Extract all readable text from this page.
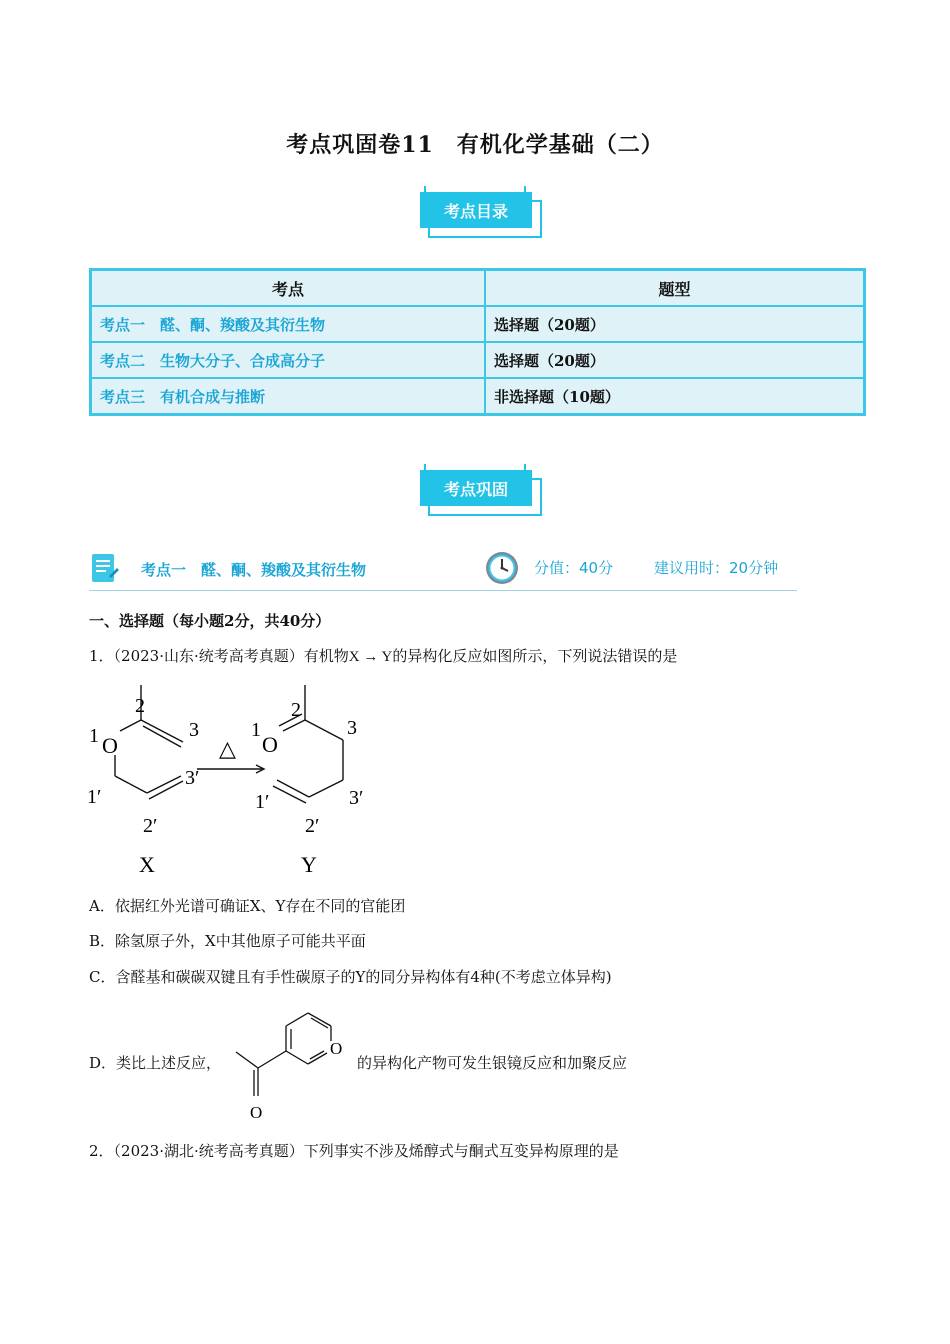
考点巩固卷11　有机化学基础（二）
考点目录
考点	题型
考点一　醛、酮、羧酸及其衍生物	选择题（20题）
考点二　生物大分子、合成高分子	选择题（20题）
考点三　有机合成与推断	非选择题（10题）
考点巩固
考点一　醛、酮、羧酸及其衍生物	分值：40分	建议用时：20分钟
一、选择题（每小题2分，共40分）
1．（2023·山东·统考高考真题）有机物X → Y的异构化反应如图所示，下列说法错误的是
1 O
2
3
1′
2′
3′
△
1
O
2
3
1′
2′
3′
X	Y
A．依据红外光谱可确证X、Y存在不同的官能团
B．除氢原子外，X中其他原子可能共平面
C．含醛基和碳碳双键且有手性碳原子的Y的同分异构体有4种(不考虑立体异构)
D．类比上述反应，
O
O
的异构化产物可发生银镜反应和加聚反应
2．（2023·湖北·统考高考真题）下列事实不涉及烯醇式与酮式互变异构原理的是
